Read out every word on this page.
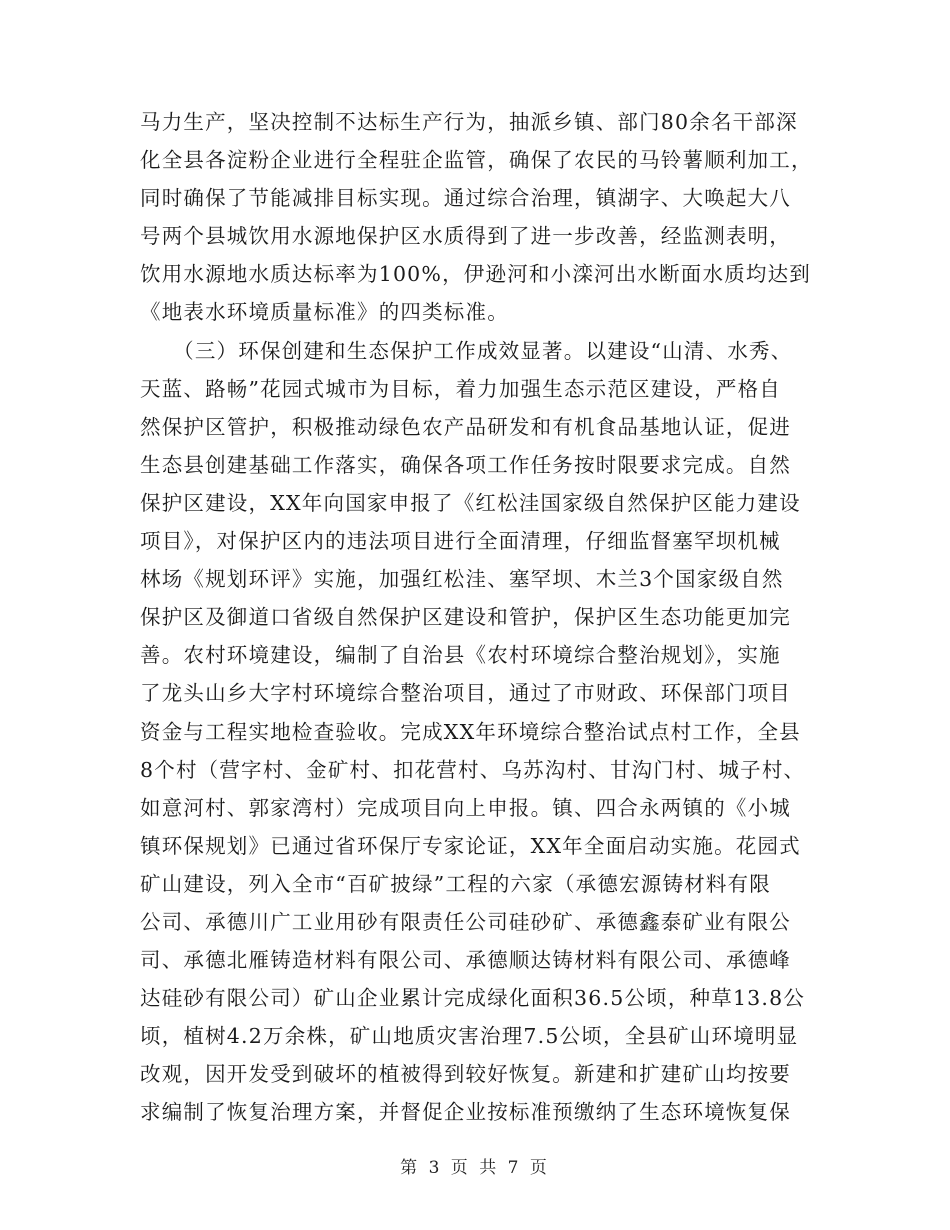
马力生产，坚决控制不达标生产行为，抽派乡镇、部门80余名干部深
化全县各淀粉企业进行全程驻企监管，确保了农民的马铃薯顺利加工，
同时确保了节能减排目标实现。通过综合治理，镇湖字、大唤起大八
号两个县城饮用水源地保护区水质得到了进一步改善，经监测表明，
饮用水源地水质达标率为100%，伊逊河和小滦河出水断面水质均达到
《地表水环境质量标准》的四类标准。
　　（三）环保创建和生态保护工作成效显著。以建设“山清、水秀、
天蓝、路畅”花园式城市为目标，着力加强生态示范区建设，严格自
然保护区管护，积极推动绿色农产品研发和有机食品基地认证，促进
生态县创建基础工作落实，确保各项工作任务按时限要求完成。自然
保护区建设，XX年向国家申报了《红松洼国家级自然保护区能力建设
项目》，对保护区内的违法项目进行全面清理，仔细监督塞罕坝机械
林场《规划环评》实施，加强红松洼、塞罕坝、木兰3个国家级自然
保护区及御道口省级自然保护区建设和管护，保护区生态功能更加完
善。农村环境建设，编制了自治县《农村环境综合整治规划》，实施
了龙头山乡大字村环境综合整治项目，通过了市财政、环保部门项目
资金与工程实地检查验收。完成XX年环境综合整治试点村工作，全县
8个村（营字村、金矿村、扣花营村、乌苏沟村、甘沟门村、城子村、
如意河村、郭家湾村）完成项目向上申报。镇、四合永两镇的《小城
镇环保规划》已通过省环保厅专家论证，XX年全面启动实施。花园式
矿山建设，列入全市“百矿披绿”工程的六家（承德宏源铸材料有限
公司、承德川广工业用砂有限责任公司硅砂矿、承德鑫泰矿业有限公
司、承德北雁铸造材料有限公司、承德顺达铸材料有限公司、承德峰
达硅砂有限公司）矿山企业累计完成绿化面积36.5公顷，种草13.8公
顷，植树4.2万余株，矿山地质灾害治理7.5公顷，全县矿山环境明显
改观，因开发受到破坏的植被得到较好恢复。新建和扩建矿山均按要
求编制了恢复治理方案，并督促企业按标准预缴纳了生态环境恢复保
第 3 页 共 7 页
